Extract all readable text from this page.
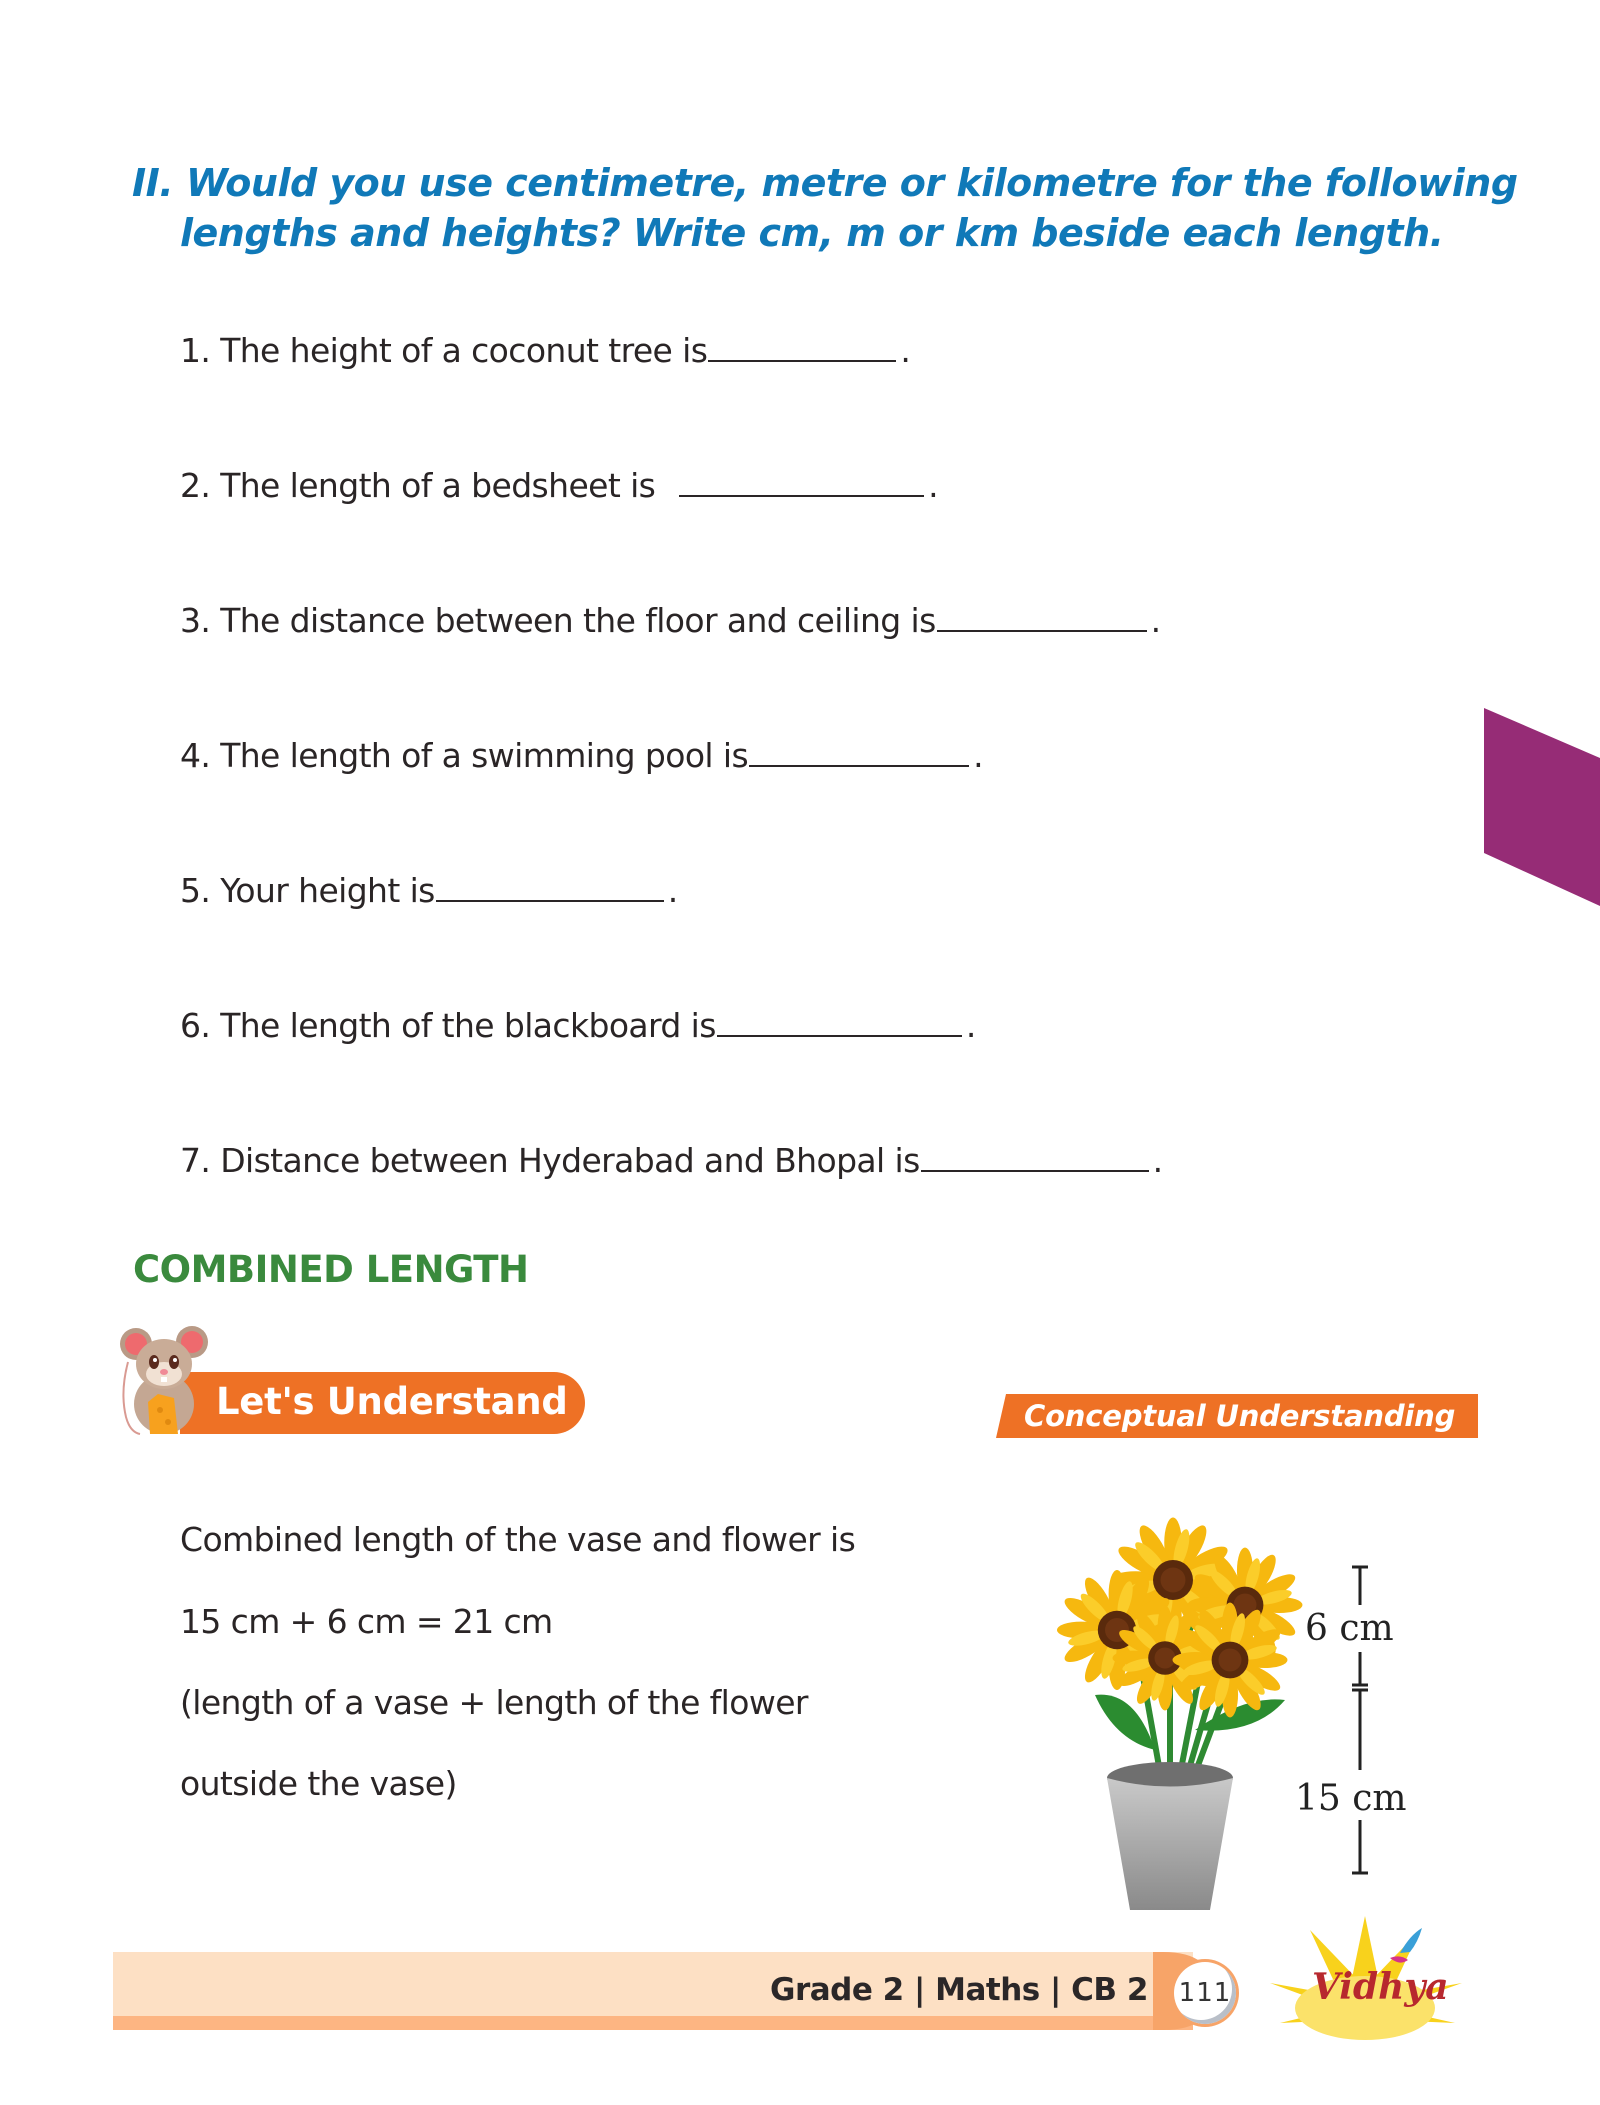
II. Would you use centimetre, metre or kilometre for the following
lengths and heights? Write cm, m or km beside each length.
1. The height of a coconut tree is	.
2. The length of a bedsheet is	.
3. The distance between the floor and ceiling is	.
4. The length of a swimming pool is	.
5. Your height is	.
6. The length of the blackboard is	.
7. Distance between Hyderabad and Bhopal is	.
COMBINED LENGTH
Let's Understand	Conceptual Understanding
Combined length of the vase and flower is
15 cm + 6 cm = 21 cm
(length of a vase + length of the flower
outside the vase)
6 cm
15 cm
Grade 2 | Maths | CB 2 111 Vidhya
